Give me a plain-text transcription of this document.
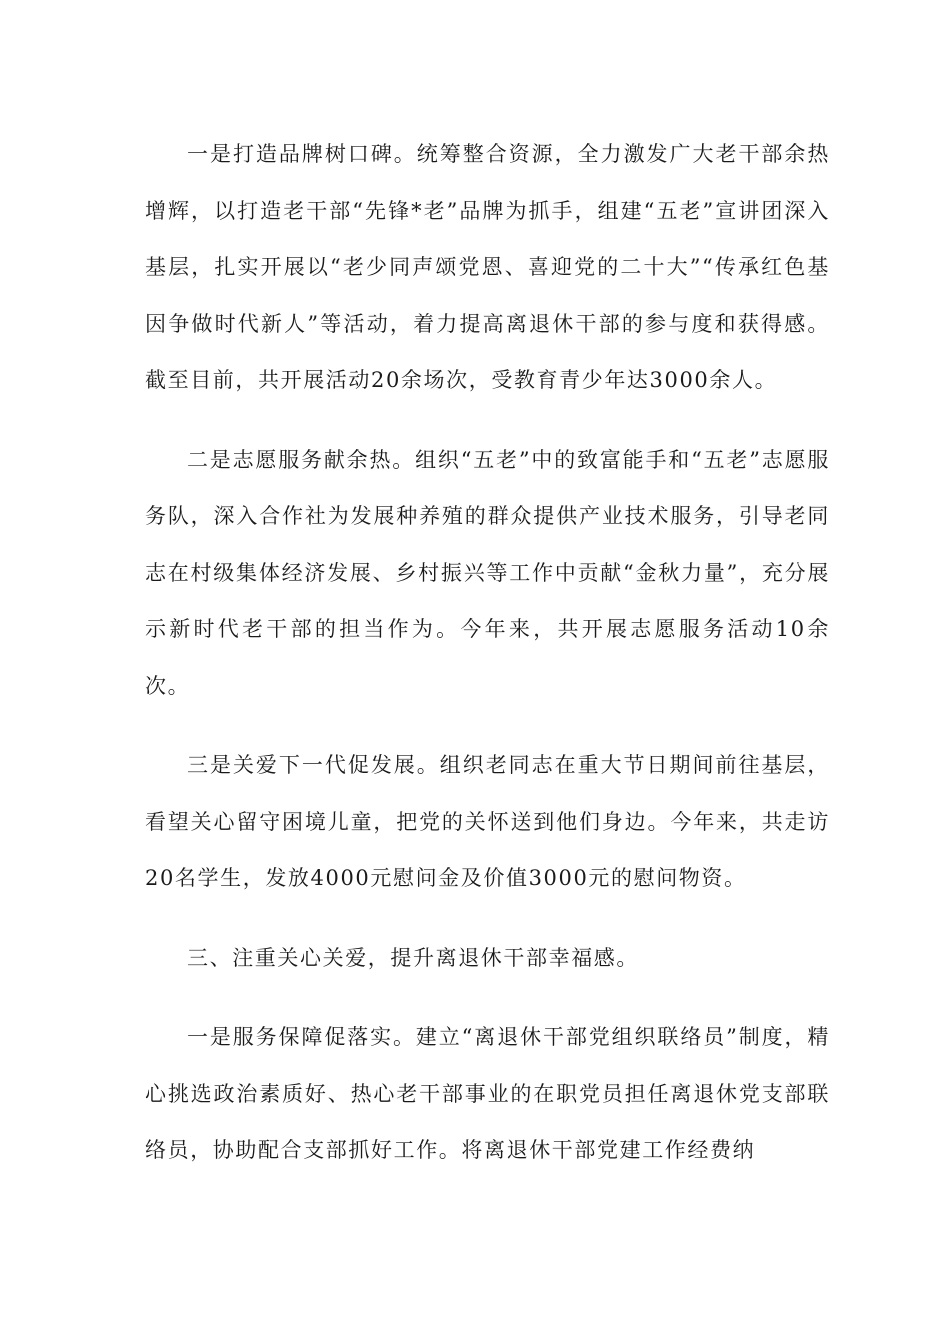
一是打造品牌树口碑。统筹整合资源，全力激发广大老干部余热增辉，以打造老干部“先锋*老”品牌为抓手，组建“五老”宣讲团深入基层，扎实开展以“老少同声颂党恩、喜迎党的二十大”“传承红色基因争做时代新人”等活动，着力提高离退休干部的参与度和获得感。截至目前，共开展活动20余场次，受教育青少年达3000余人。

二是志愿服务献余热。组织“五老”中的致富能手和“五老”志愿服务队，深入合作社为发展种养殖的群众提供产业技术服务，引导老同志在村级集体经济发展、乡村振兴等工作中贡献“金秋力量”，充分展示新时代老干部的担当作为。今年来，共开展志愿服务活动10余次。

三是关爱下一代促发展。组织老同志在重大节日期间前往基层，看望关心留守困境儿童，把党的关怀送到他们身边。今年来，共走访20名学生，发放4000元慰问金及价值3000元的慰问物资。

三、注重关心关爱，提升离退休干部幸福感。

一是服务保障促落实。建立“离退休干部党组织联络员”制度，精心挑选政治素质好、热心老干部事业的在职党员担任离退休党支部联络员，协助配合支部抓好工作。将离退休干部党建工作经费纳
